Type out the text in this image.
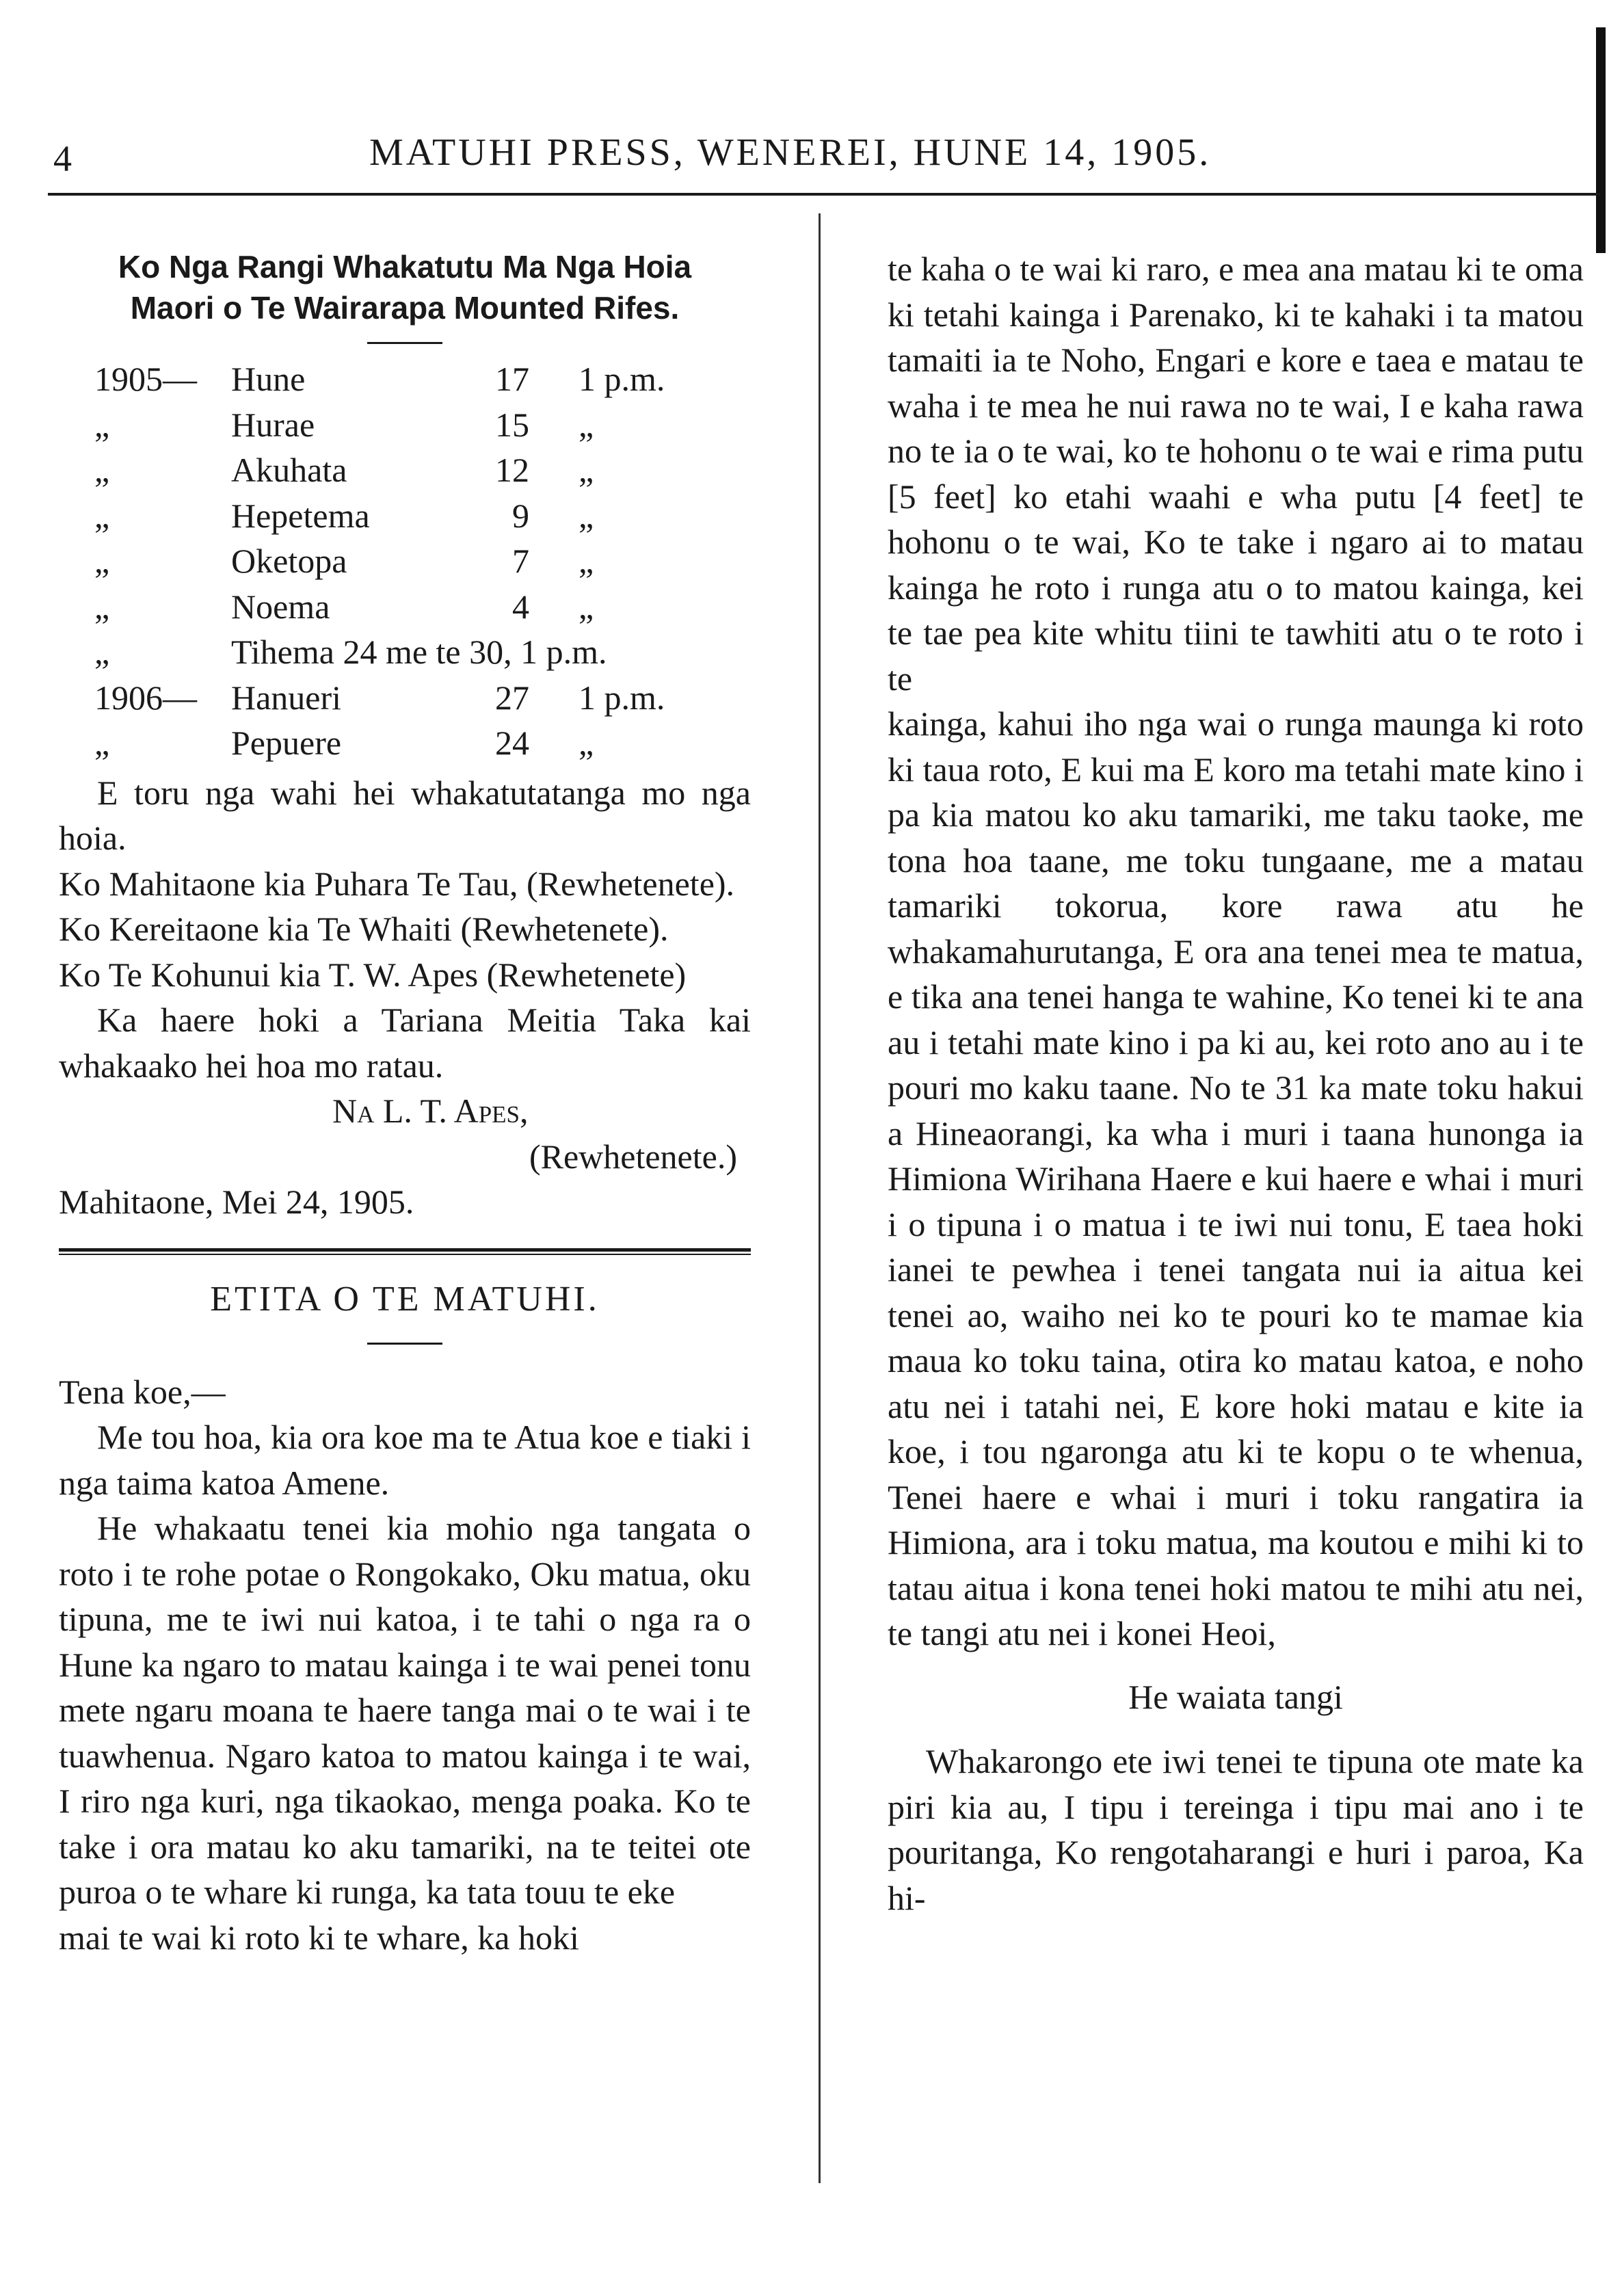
4	MATUHI PRESS, WENEREI, HUNE 14, 1905.

Ko Nga Rangi Whakatutu Ma Nga Hoia

Maori o Te Wairarapa Mounted Rifes.

1905—	Hune	17	1 p.m.
„	Hurae	15	„
„	Akuhata	12	„
„	Hepetema	9	„
„	Oketopa	7	„
„	Noema	4	„
„	Tihema 24 me te 30, 1 p.m.
1906—	Hanueri	27	1 p.m.
„	Pepuere	24	„

E toru nga wahi hei whakatutatanga mo nga hoia.

Ko Mahitaone kia Puhara Te Tau, (Rewhetenete).

Ko Kereitaone kia Te Whaiti (Rewhetenete).

Ko Te Kohunui kia T. W. Apes (Rewhetenete)

Ka haere hoki a Tariana Meitia Taka kai whakaako hei hoa mo ratau.

Na L. T. Apes,

(Rewhetenete.)

Mahitaone, Mei 24, 1905.

ETITA O TE MATUHI.

Tena koe,—

Me tou hoa, kia ora koe ma te Atua koe e tiaki i nga taima katoa Amene.

He whakaatu tenei kia mohio nga tangata o roto i te rohe potae o Rongokako, Oku matua, oku tipuna, me te iwi nui katoa, i te tahi o nga ra o Hune ka ngaro to matau kainga i te wai penei tonu mete ngaru moana te haere tanga mai o te wai i te tuawhenua. Ngaro katoa to matou kainga i te wai, I riro nga kuri, nga tikaokao, menga poaka. Ko te take i ora matau ko aku tamariki, na te teitei ote puroa o te whare ki runga, ka tata touu te eke

mai te wai ki roto ki te whare, ka hoki

te kaha o te wai ki raro, e mea ana matau ki te oma ki tetahi kainga i Parenako, ki te kahaki i ta matou tamaiti ia te Noho, Engari e kore e taea e matau te waha i te mea he nui rawa no te wai, I e kaha rawa no te ia o te wai, ko te hohonu o te wai e rima putu [5 feet] ko etahi waahi e wha putu [4 feet] te hohonu o te wai, Ko te take i ngaro ai to matau kainga he roto i runga atu o to matou kainga, kei te tae pea kite whitu tiini te tawhiti atu o te roto i te

kainga, kahui iho nga wai o runga maunga ki roto ki taua roto, E kui ma E koro ma tetahi mate kino i pa kia matou ko aku tamariki, me taku taoke, me tona hoa taane, me toku tungaane, me a matau tamariki tokorua, kore rawa atu he whakamahurutanga, E ora ana tenei mea te matua, e tika ana tenei hanga te wahine, Ko tenei ki te ana au i tetahi mate kino i pa ki au, kei roto ano au i te pouri mo kaku taane. No te 31 ka mate toku hakui a Hineaorangi, ka wha i muri i taana hunonga ia Himiona Wirihana Haere e kui haere e whai i muri i o tipuna i o matua i te iwi nui tonu, E taea hoki ianei te pewhea i tenei tangata nui ia aitua kei tenei ao, waiho nei ko te pouri ko te mamae kia maua ko toku taina, otira ko matau katoa, e noho atu nei i tatahi nei, E kore hoki matau e kite ia koe, i tou ngaronga atu ki te kopu o te whenua, Tenei haere e whai i muri i toku rangatira ia Himiona, ara i toku matua, ma koutou e mihi ki to tatau aitua i kona tenei hoki matou te mihi atu nei, te tangi atu nei i konei Heoi,

He waiata tangi

Whakarongo ete iwi tenei te tipuna ote mate ka piri kia au, I tipu i tereinga i tipu mai ano i te pouritanga, Ko rengotaharangi e huri i paroa, Ka hi-
